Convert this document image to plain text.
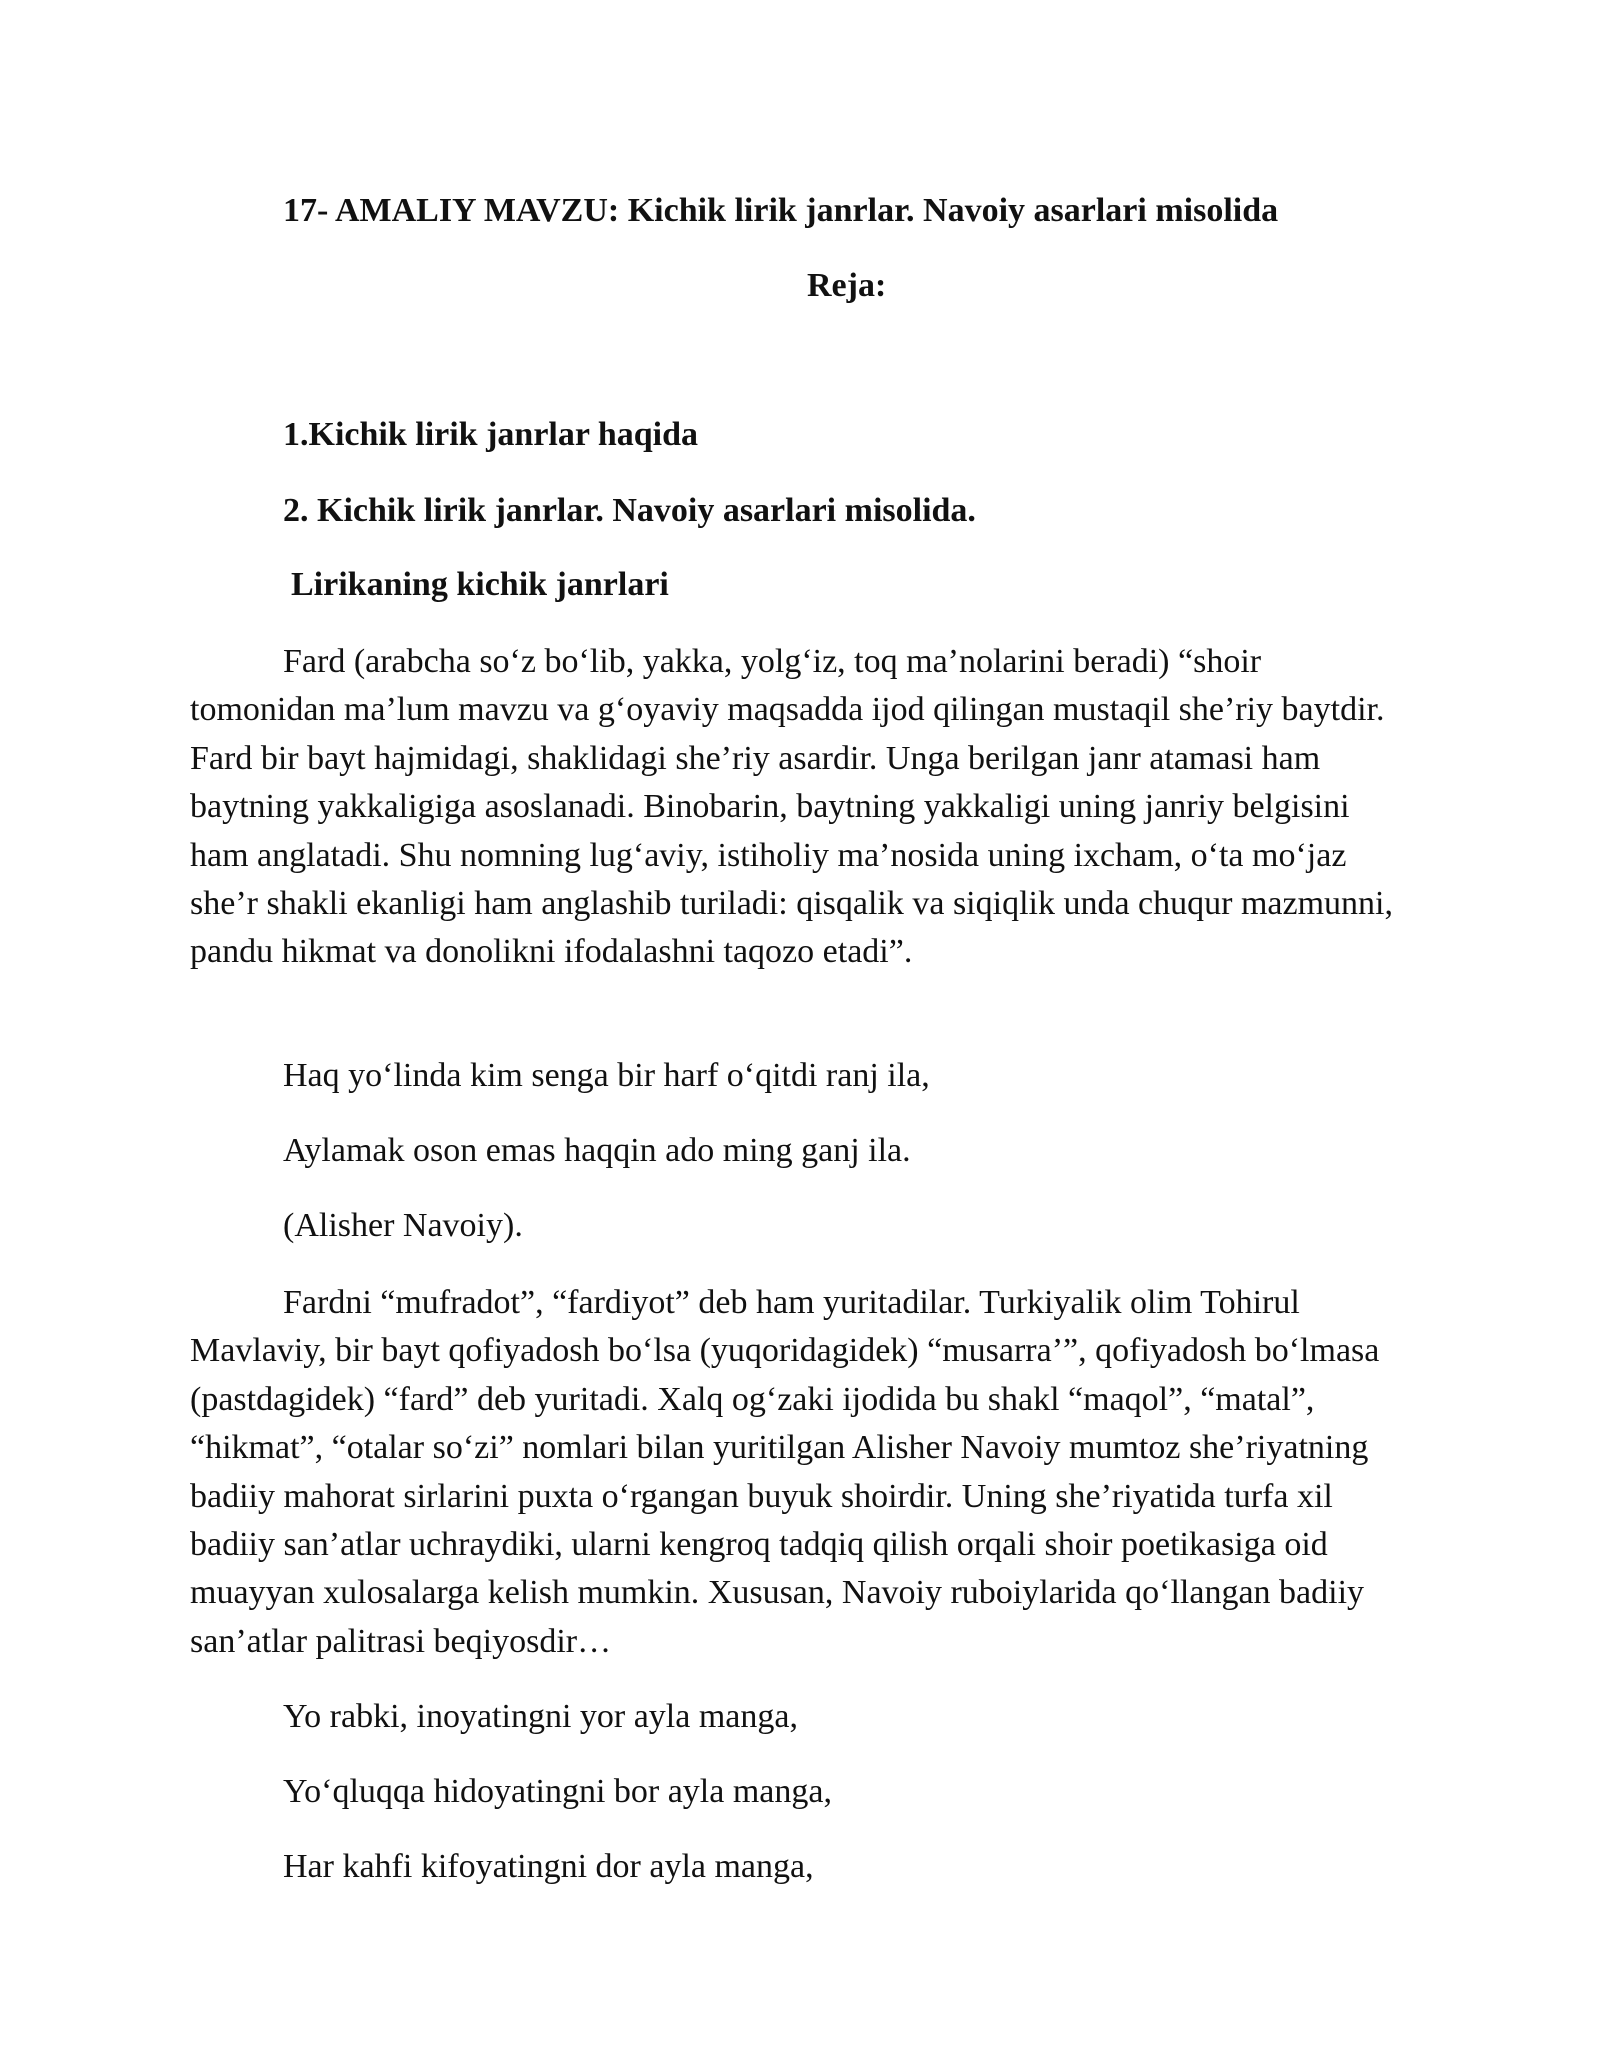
17- AMALIY MAVZU: Kichik lirik janrlar. Navoiy asarlari misolida
Reja:
1.Kichik lirik janrlar haqida
2. Kichik lirik janrlar. Navoiy asarlari misolida.
Lirikaning kichik janrlari

Fard (arabcha so‘z bo‘lib, yakka, yolg‘iz, toq ma’nolarini beradi) “shoir tomonidan ma’lum mavzu va g‘oyaviy maqsadda ijod qilingan mustaqil she’riy baytdir. Fard bir bayt hajmidagi, shaklidagi she’riy asardir. Unga berilgan janr atamasi ham baytning yakkaligiga asoslanadi. Binobarin, baytning yakkaligi uning janriy belgisini ham anglatadi. Shu nomning lug‘aviy, istiholiy ma’nosida uning ixcham, o‘ta mo‘jaz she’r shakli ekanligi ham anglashib turiladi: qisqalik va siqiqlik unda chuqur mazmunni, pandu hikmat va donolikni ifodalashni taqozo etadi”.

Haq yo‘linda kim senga bir harf o‘qitdi ranj ila,
Aylamak oson emas haqqin ado ming ganj ila.
(Alisher Navoiy).

Fardni “mufradot”, “fardiyot” deb ham yuritadilar. Turkiyalik olim Tohirul Mavlaviy, bir bayt qofiyadosh bo‘lsa (yuqoridagidek) “musarra’”, qofiyadosh bo‘lmasa (pastdagidek) “fard” deb yuritadi. Xalq og‘zaki ijodida bu shakl “maqol”, “matal”, “hikmat”, “otalar so‘zi” nomlari bilan yuritilgan Alisher Navoiy mumtoz she’riyatning badiiy mahorat sirlarini puxta o‘rgangan buyuk shoirdir. Uning she’riyatida turfa xil badiiy san’atlar uchraydiki, ularni kengroq tadqiq qilish orqali shoir poetikasiga oid muayyan xulosalarga kelish mumkin. Xususan, Navoiy ruboiylarida qo‘llangan badiiy san’atlar palitrasi beqiyosdir…

Yo rabki, inoyatingni yor ayla manga,
Yo‘qluqqa hidoyatingni bor ayla manga,
Har kahfi kifoyatingni dor ayla manga,
